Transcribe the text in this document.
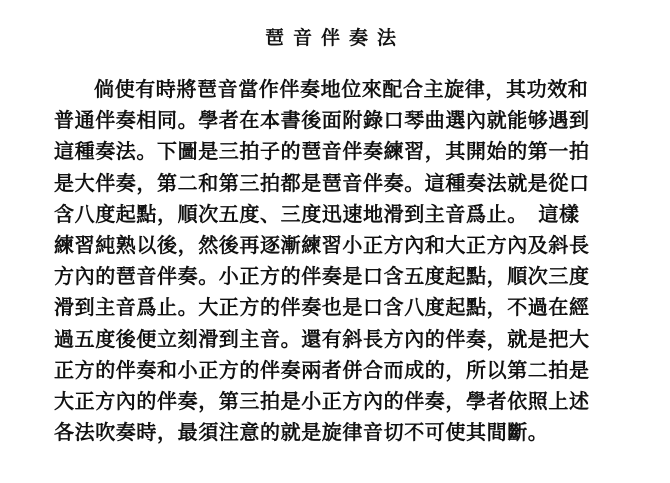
琶音伴奏法
倘使有時將琶音當作伴奏地位來配合主旋律，其功效和
普通伴奏相同。學者在本書後面附錄口琴曲選內就能够遇到
這種奏法。下圖是三拍子的琶音伴奏練習，其開始的第一拍
是大伴奏，第二和第三拍都是琶音伴奏。這種奏法就是從口
含八度起點，順次五度、三度迅速地滑到主音爲止。　這樣
練習純熟以後，然後再逐漸練習小正方內和大正方內及斜長
方內的琶音伴奏。小正方的伴奏是口含五度起點，順次三度
滑到主音爲止。大正方的伴奏也是口含八度起點，不過在經
過五度後便立刻滑到主音。還有斜長方內的伴奏，就是把大
正方的伴奏和小正方的伴奏兩者併合而成的，所以第二拍是
大正方內的伴奏，第三拍是小正方內的伴奏，學者依照上述
各法吹奏時，最須注意的就是旋律音切不可使其間斷。
